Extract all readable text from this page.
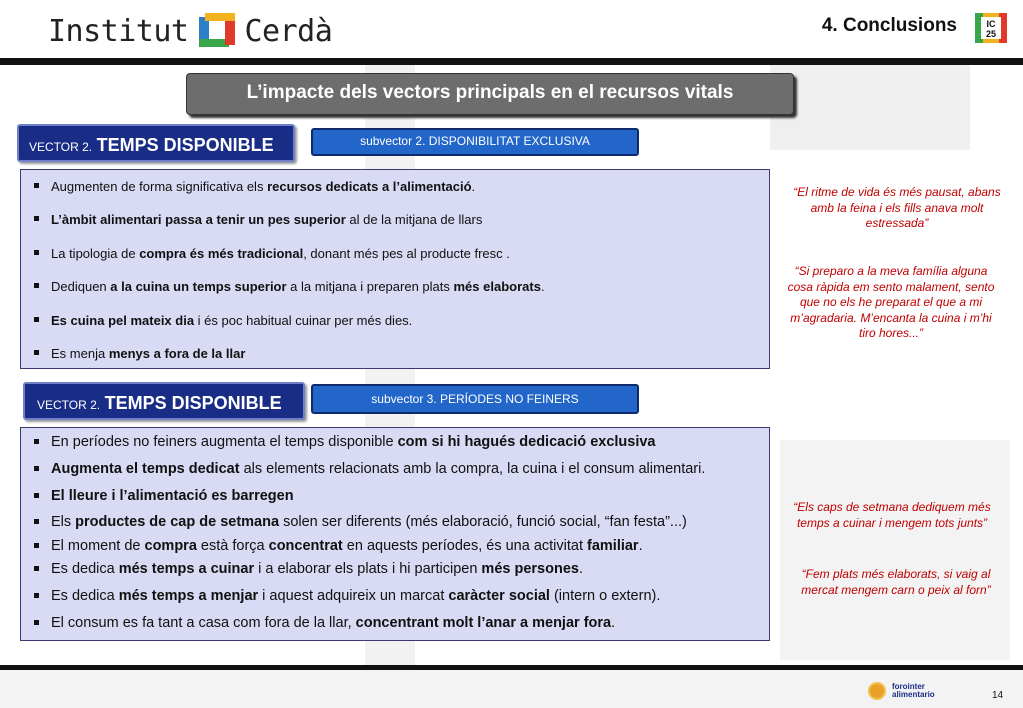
Institut Cerdà	4. Conclusions	IC
25
L’impacte dels vectors principals en el recursos vitals
VECTOR 2. TEMPS DISPONIBLE	subvector 2. DISPONIBILITAT EXCLUSIVA
Augmenten de forma significativa els recursos dedicats a l’alimentació.
L’àmbit alimentari passa a tenir un pes superior al de la mitjana de llars
La tipologia de compra és més tradicional, donant més pes al producte fresc .
Dediquen a la cuina un temps superior a la mitjana i preparen plats més elaborats.
Es cuina pel mateix dia i és poc habitual cuinar per més dies.
Es menja menys a fora de la llar
VECTOR 2. TEMPS DISPONIBLE	subvector 3. PERÍODES NO FEINERS
En períodes no feiners augmenta el temps disponible com si hi hagués dedicació exclusiva
Augmenta el temps dedicat als elements relacionats amb la compra, la cuina i el consum alimentari.
El lleure i l’alimentació es barregen
Els productes de cap de setmana solen ser diferents (més elaboració, funció social, “fan festa”...)
El moment de compra està força concentrat en aquests períodes, és una activitat familiar.
Es dedica més temps a cuinar i a elaborar els plats i hi participen més persones.
Es dedica més temps a menjar i aquest adquireix un marcat caràcter social (intern o extern).
El consum es fa tant a casa com fora de la llar, concentrant molt l’anar a menjar fora.
“El ritme de vida és més pausat, abans amb la feina i els fills anava molt estressada”
“Si preparo a la meva família alguna cosa ràpida em sento malament, sento que no els he preparat el que a mi m’agradaria. M’encanta la cuina i m’hi tiro hores...”
“Els caps de setmana dediquem més temps a cuinar i mengem tots junts”
“Fem plats més elaborats, si vaig al mercat mengem carn o peix al forn”
forointer
alimentario	14
